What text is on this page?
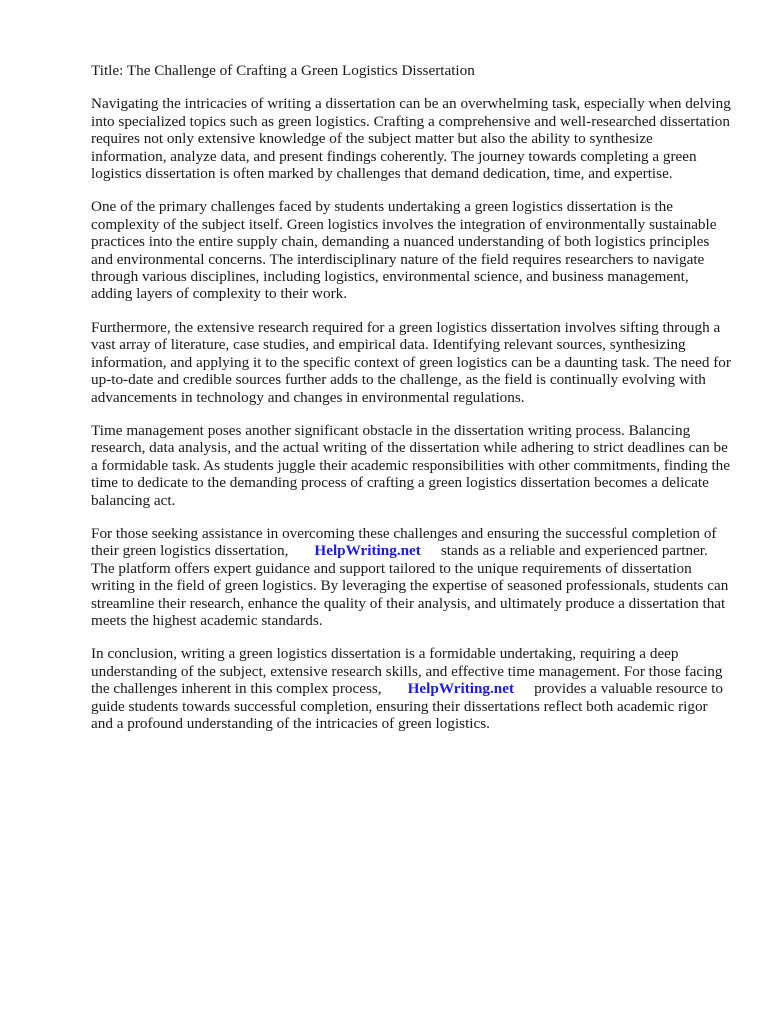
Title: The Challenge of Crafting a Green Logistics Dissertation

Navigating the intricacies of writing a dissertation can be an overwhelming task, especially when delving into specialized topics such as green logistics. Crafting a comprehensive and well-researched dissertation requires not only extensive knowledge of the subject matter but also the ability to synthesize information, analyze data, and present findings coherently. The journey towards completing a green logistics dissertation is often marked by challenges that demand dedication, time, and expertise.

One of the primary challenges faced by students undertaking a green logistics dissertation is the complexity of the subject itself. Green logistics involves the integration of environmentally sustainable practices into the entire supply chain, demanding a nuanced understanding of both logistics principles and environmental concerns. The interdisciplinary nature of the field requires researchers to navigate through various disciplines, including logistics, environmental science, and business management, adding layers of complexity to their work.

Furthermore, the extensive research required for a green logistics dissertation involves sifting through a vast array of literature, case studies, and empirical data. Identifying relevant sources, synthesizing information, and applying it to the specific context of green logistics can be a daunting task. The need for up-to-date and credible sources further adds to the challenge, as the field is continually evolving with advancements in technology and changes in environmental regulations.

Time management poses another significant obstacle in the dissertation writing process. Balancing research, data analysis, and the actual writing of the dissertation while adhering to strict deadlines can be a formidable task. As students juggle their academic responsibilities with other commitments, finding the time to dedicate to the demanding process of crafting a green logistics dissertation becomes a delicate balancing act.

For those seeking assistance in overcoming these challenges and ensuring the successful completion of their green logistics dissertation, HelpWriting.net stands as a reliable and experienced partner. The platform offers expert guidance and support tailored to the unique requirements of dissertation writing in the field of green logistics. By leveraging the expertise of seasoned professionals, students can streamline their research, enhance the quality of their analysis, and ultimately produce a dissertation that meets the highest academic standards.

In conclusion, writing a green logistics dissertation is a formidable undertaking, requiring a deep understanding of the subject, extensive research skills, and effective time management. For those facing the challenges inherent in this complex process, HelpWriting.net provides a valuable resource to guide students towards successful completion, ensuring their dissertations reflect both academic rigor and a profound understanding of the intricacies of green logistics.
